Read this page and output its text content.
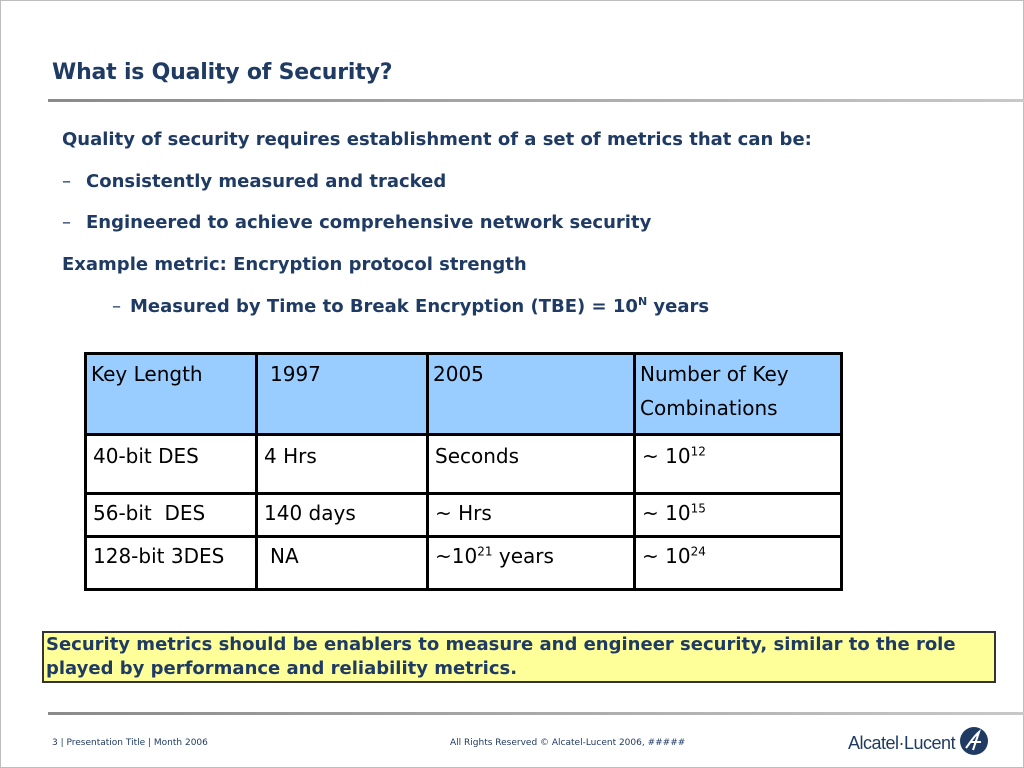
What is Quality of Security?
Quality of security requires establishment of a set of metrics that can be:
– Consistently measured and tracked
– Engineered to achieve comprehensive network security
Example metric: Encryption protocol strength
– Measured by Time to Break Encryption $(TBE) = 10^N$ years
Key Length	1997	2005	Number of Key Combinations
40-bit DES	4 Hrs	Seconds	~ $10^{12}$
56-bit  DES	140 days	~ Hrs	~ $10^{15}$
128-bit 3DES	NA	$\sim 10^{21}$ years	~ $10^{24}$
Security metrics should be enablers to measure and engineer security, similar to the role played by performance and reliability metrics.
3 | Presentation Title | Month 2006	All Rights Reserved © Alcatel-Lucent 2006, #####	Alcatel·Lucent
